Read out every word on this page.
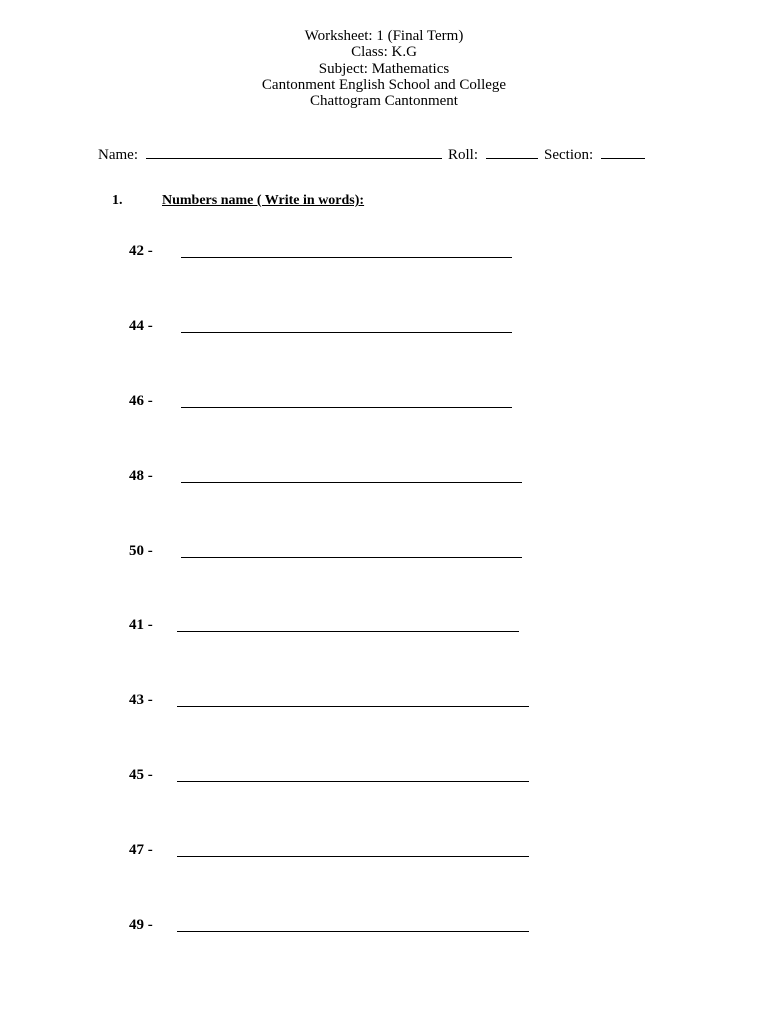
Worksheet: 1 (Final Term)
Class: K.G
Subject: Mathematics
Cantonment English School and College
Chattogram Cantonment
Name:	Roll:	Section:
1.	Numbers name ( Write in words):
42 -
44 -
46 -
48 -
50 -
41 -
43 -
45 -
47 -
49 -
